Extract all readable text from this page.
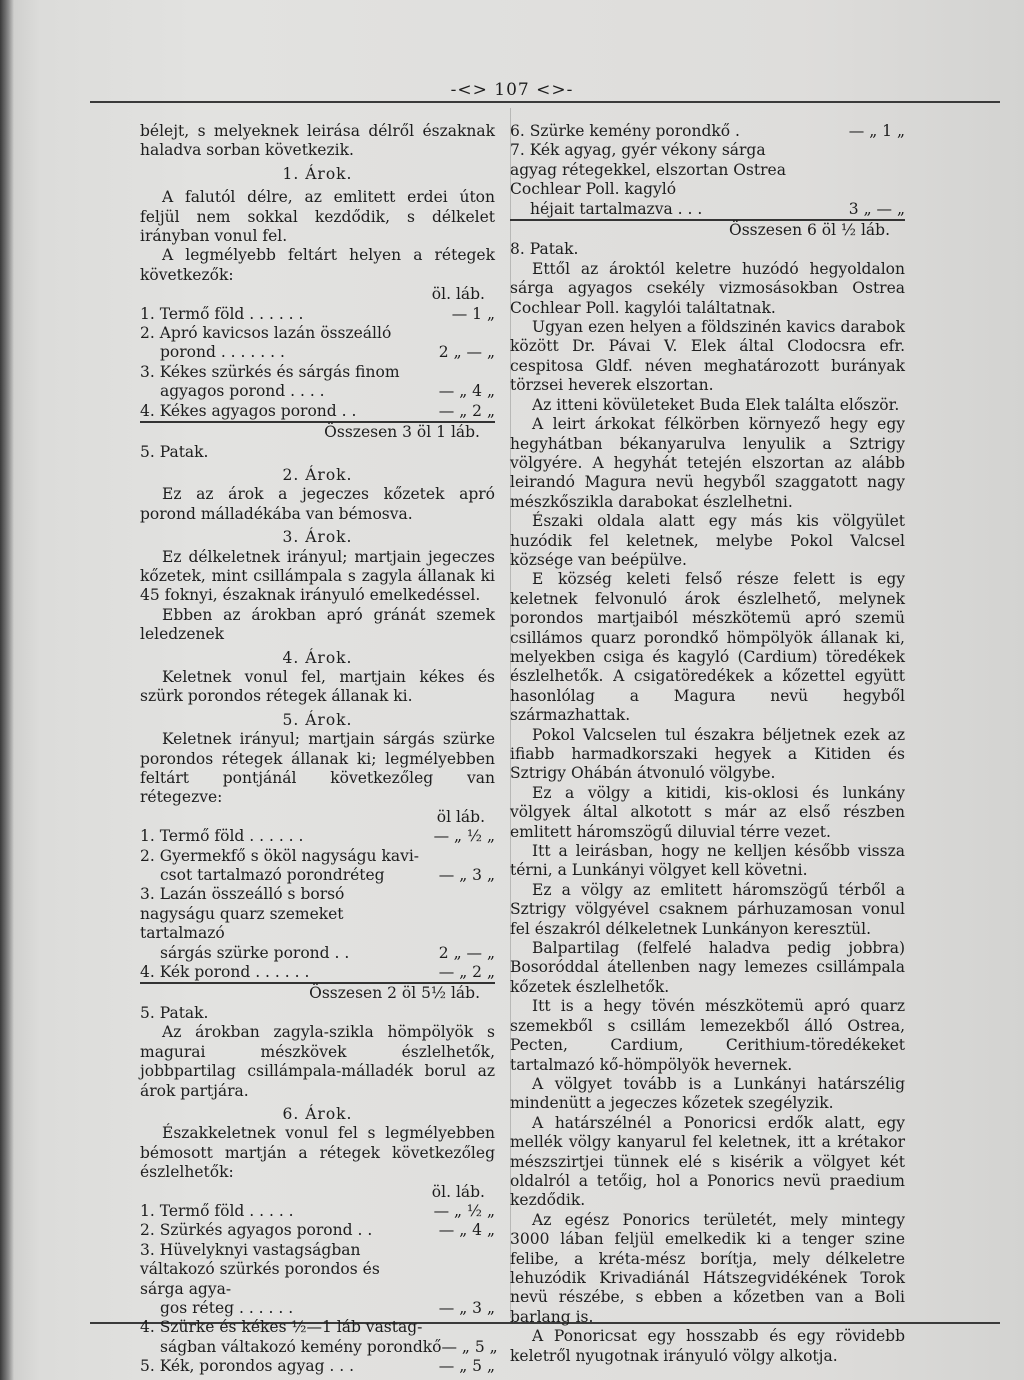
-<> 107 <>-

bélejt, s melyeknek leirása délről északnak haladva sorban következik.

1. Árok.

A falutól délre, az emlitett erdei úton feljül nem sokkal kezdődik, s délkelet irányban vonul fel.

A legmélyebb feltárt helyen a rétegek következők:

öl. láb.
1. Termő föld . . . . . .	— 1 „
2. Apró kavicsos lazán összeálló
porond . . . . . . .	2 „ — „
3. Kékes szürkés és sárgás finom
agyagos porond . . . .	— „ 4 „
4. Kékes agyagos porond . .	— „ 2 „
Összesen 3 öl 1 láb.

5. Patak.

2. Árok.

Ez az árok a jegeczes kőzetek apró porond málladékába van bémosva.

3. Árok.

Ez délkeletnek irányul; martjain jegeczes kőzetek, mint csillámpala s zagyla állanak ki 45 foknyi, északnak irányuló emelkedéssel.

Ebben az árokban apró gránát szemek leledzenek

4. Árok.

Keletnek vonul fel, martjain kékes és szürk porondos rétegek állanak ki.

5. Árok.

Keletnek irányul; martjain sárgás szürke porondos rétegek állanak ki; legmélyebben feltárt pontjánál következőleg van rétegezve:

öl láb.
1. Termő föld . . . . . .	— „ ½ „
2. Gyermekfő s ököl nagyságu kavi-
csot tartalmazó porondréteg	— „ 3 „
3. Lazán összeálló s borsó nagyságu quarz szemeket tartalmazó
sárgás szürke porond . .	2 „ — „
4. Kék porond . . . . . .	— „ 2 „
Összesen 2 öl 5½ láb.

5. Patak.

Az árokban zagyla-szikla hömpölyök s magurai mészkövek észlelhetők, jobbpartilag csillámpala-málladék borul az árok partjára.

6. Árok.

Északkeletnek vonul fel s legmélyebben bémosott martján a rétegek következőleg észlelhetők:

öl. láb.
1. Termő föld . . . . .	— „ ½ „
2. Szürkés agyagos porond . .	— „ 4 „
3. Hüvelyknyi vastagságban váltakozó szürkés porondos és sárga agya-
gos réteg . . . . . .	— „ 3 „
4. Szürke és kékes ½—1 láb vastag-
ságban váltakozó kemény porondkő — „ 5 „
5. Kék, porondos agyag . . .	— „ 5 „
6. Szürke kemény porondkő .	— „ 1 „
7. Kék agyag, gyér vékony sárga agyag rétegekkel, elszortan Ostrea Cochlear Poll. kagyló
héjait tartalmazva . . .	3 „ — „
Összesen 6 öl ½ láb.

8. Patak.

Ettől az ároktól keletre huzódó hegyoldalon sárga agyagos csekély vizmosásokban Ostrea Cochlear Poll. kagylói találtatnak.

Ugyan ezen helyen a földszinén kavics darabok között Dr. Pávai V. Elek által Clodocsra efr. cespitosa Gldf. néven meghatározott burányak törzsei heverek elszortan.

Az itteni kövületeket Buda Elek találta először.

A leirt árkokat félkörben környező hegy egy hegyhátban békanyarulva lenyulik a Sztrigy völgyére. A hegyhát tetején elszortan az alább leirandó Magura nevü hegyből szaggatott nagy mészkőszikla darabokat észlelhetni.

Északi oldala alatt egy más kis völgyület huzódik fel keletnek, melybe Pokol Valcsel községe van beépülve.

E község keleti felső része felett is egy keletnek felvonuló árok észlelhető, melynek porondos martjaiból mészkötemü apró szemü csillámos quarz porondkő hömpölyök állanak ki, melyekben csiga és kagyló (Cardium) töredékek észlelhetők. A csigatöredékek a kőzettel együtt hasonlólag a Magura nevü hegyből származhattak.

Pokol Valcselen tul északra béljetnek ezek az ifiabb harmadkorszaki hegyek a Kitiden és Sztrigy Ohábán átvonuló völgybe.

Ez a völgy a kitidi, kis-oklosi és lunkány völgyek által alkotott s már az első részben emlitett háromszögű diluvial térre vezet.

Itt a leirásban, hogy ne kelljen később vissza térni, a Lunkányi völgyet kell követni.

Ez a völgy az emlitett háromszögű térből a Sztrigy völgyével csaknem párhuzamosan vonul fel északról délkeletnek Lunkányon keresztül.

Balpartilag (felfelé haladva pedig jobbra) Bosoróddal átellenben nagy lemezes csillámpala kőzetek észlelhetők.

Itt is a hegy tövén mészkötemü apró quarz szemekből s csillám lemezekből álló Ostrea, Pecten, Cardium, Cerithium-töredékeket tartalmazó kő-hömpölyök hevernek.

A völgyet tovább is a Lunkányi határszélig mindenütt a jegeczes kőzetek szegélyzik.

A határszélnél a Ponoricsi erdők alatt, egy mellék völgy kanyarul fel keletnek, itt a krétakor mészszirtjei tünnek elé s kisérik a völgyet két oldalról a tetőig, hol a Ponorics nevü praedium kezdődik.

Az egész Ponorics területét, mely mintegy 3000 lában feljül emelkedik ki a tenger szine felibe, a kréta-mész borítja, mely délkeletre lehuzódik Krivadiánál Hátszegvidékének Torok nevü részébe, s ebben a kőzetben van a Boli barlang is.

A Ponoricsat egy hosszabb és egy rövidebb keletről nyugotnak irányuló völgy alkotja.
